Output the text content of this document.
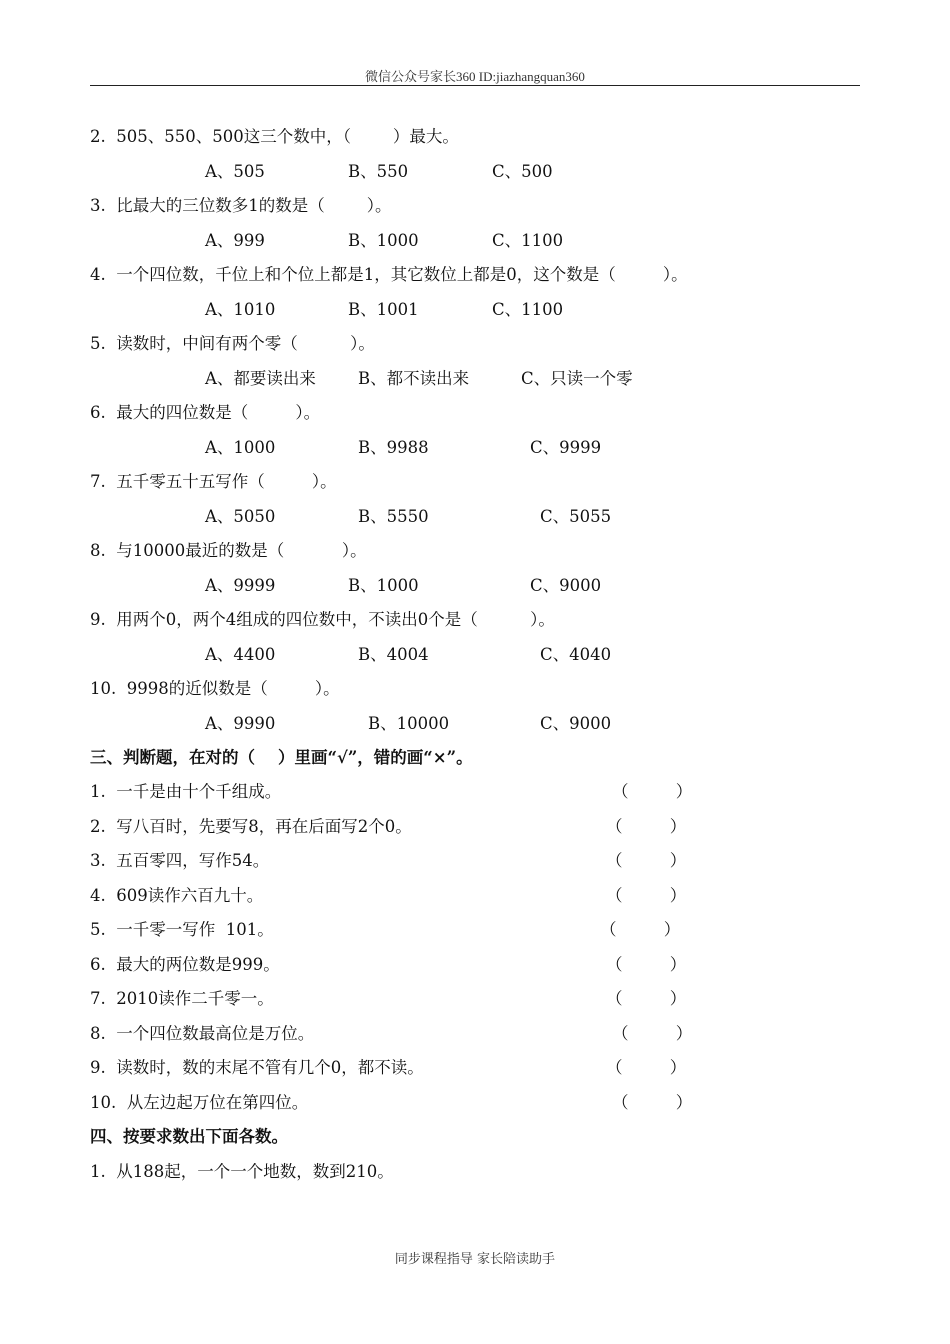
微信公众号家长360 ID:jiazhangquan360
2.  505、550、500这三个数中，（        ）最大。
A、505	B、550	C、500
3.  比最大的三位数多1的数是（        ）。
A、999	B、1000	C、1100
4.  一个四位数，千位上和个位上都是1，其它数位上都是0，这个数是（         ）。
A、1010	B、1001	C、1100
5.  读数时，中间有两个零（          ）。
A、都要读出来	B、都不读出来	C、只读一个零
6.  最大的四位数是（         ）。
A、1000	B、9988	C、9999
7.  五千零五十五写作（         ）。
A、5050	B、5550	C、5055
8.  与10000最近的数是（           ）。
A、9999	B、1000	C、9000
9.  用两个0，两个4组成的四位数中，不读出0个是（          ）。
A、4400	B、4004	C、4040
10.  9998的近似数是（         ）。
A、9990	B、10000	C、9000
三、判断题，在对的（    ）里画“√”，错的画“×”。
1.  一千是由十个千组成。	（         ）
2.  写八百时，先要写8，再在后面写2个0。	（         ）
3.  五百零四，写作54。	（         ）
4.  609读作六百九十。	（         ）
5.  一千零一写作  101。	（         ）
6.  最大的两位数是999。	（         ）
7.  2010读作二千零一。	（         ）
8.  一个四位数最高位是万位。	（         ）
9.  读数时，数的末尾不管有几个0，都不读。	（         ）
10.  从左边起万位在第四位。	（         ）
四、按要求数出下面各数。
1.  从188起，一个一个地数，数到210。
同步课程指导 家长陪读助手
